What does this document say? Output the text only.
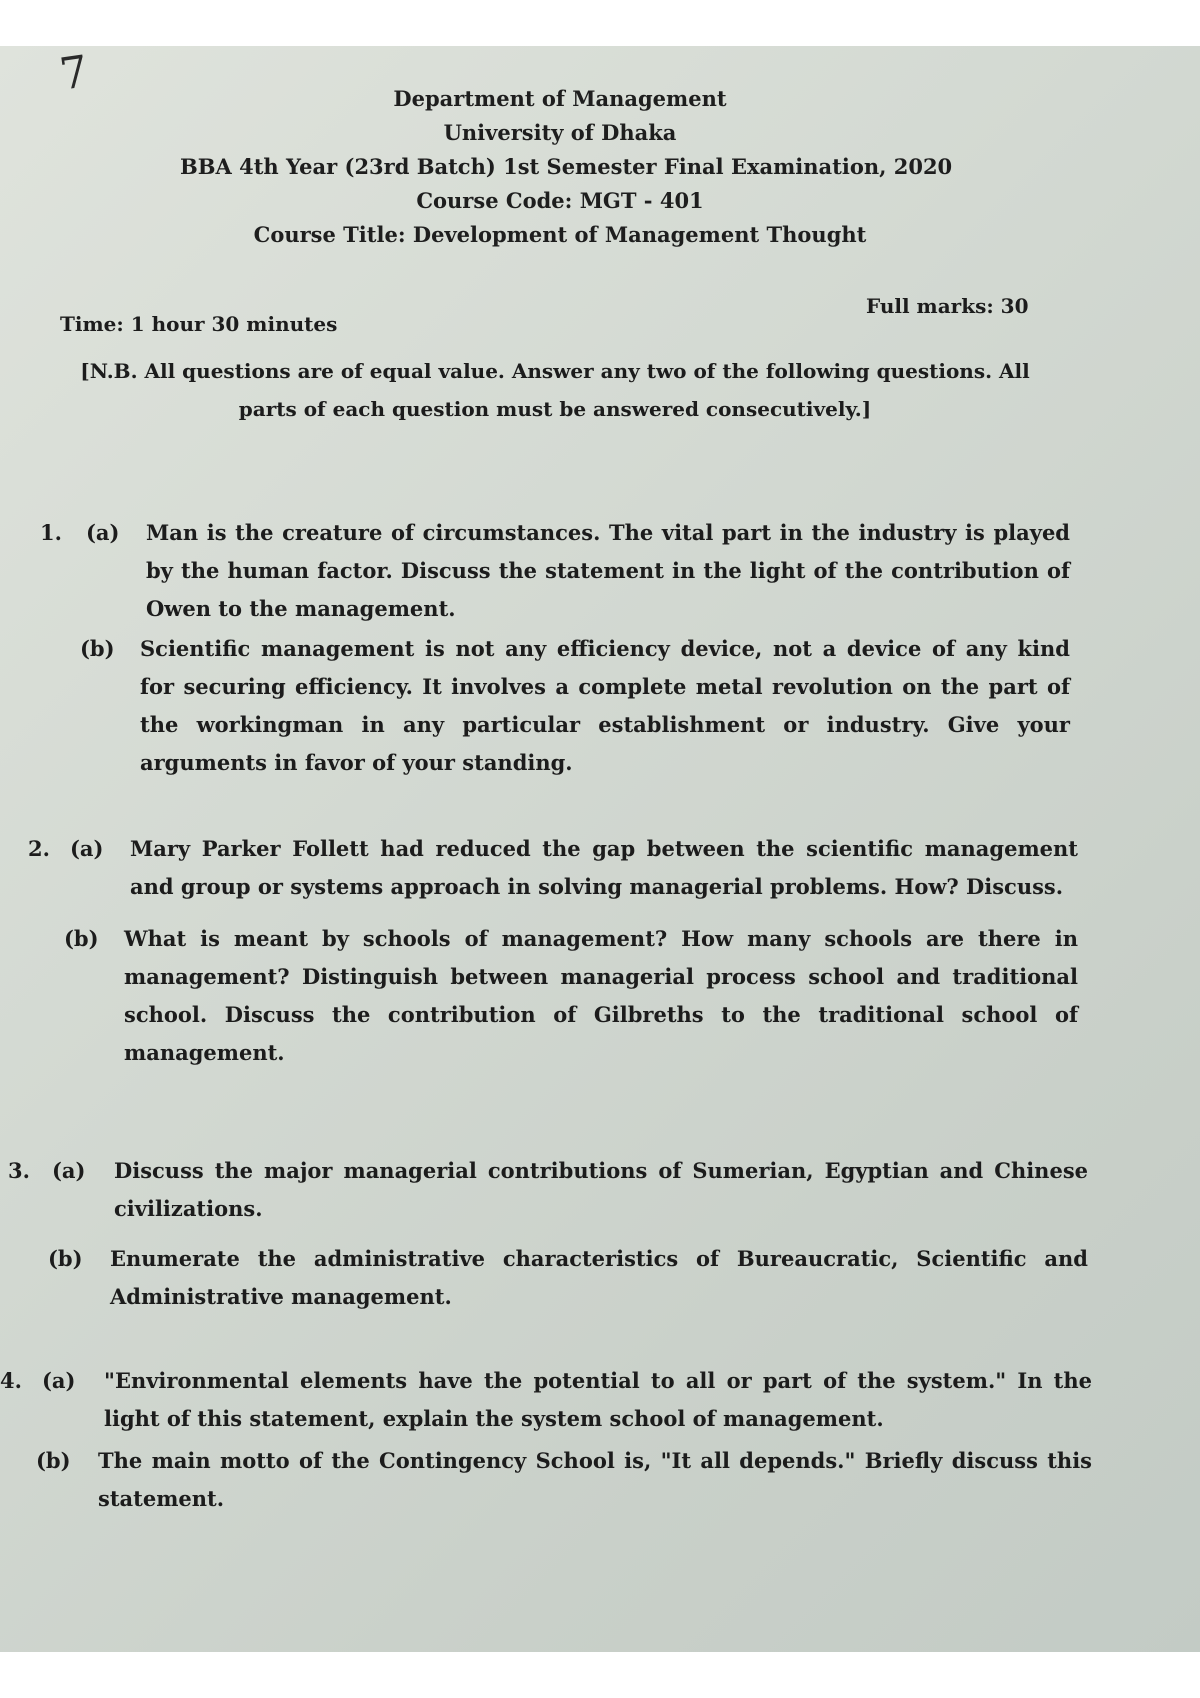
7	Department of Management
University of Dhaka
BBA 4th Year (23rd Batch) 1st Semester Final Examination, 2020
Course Code: MGT - 401
Course Title: Development of Management Thought
Time: 1 hour 30 minutes
Full marks: 30
[N.B. All questions are of equal value. Answer any two of the following questions. All parts of each question must be answered consecutively.]
1. (a) Man is the creature of circumstances. The vital part in the industry is played by the human factor. Discuss the statement in the light of the contribution of Owen to the management.
(b) Scientific management is not any efficiency device, not a device of any kind for securing efficiency. It involves a complete metal revolution on the part of the workingman in any particular establishment or industry. Give your arguments in favor of your standing.
2. (a) Mary Parker Follett had reduced the gap between the scientific management and group or systems approach in solving managerial problems. How? Discuss.
(b) What is meant by schools of management? How many schools are there in management? Distinguish between managerial process school and traditional school. Discuss the contribution of Gilbreths to the traditional school of management.
3. (a) Discuss the major managerial contributions of Sumerian, Egyptian and Chinese civilizations.
(b) Enumerate the administrative characteristics of Bureaucratic, Scientific and Administrative management.
4. (a) "Environmental elements have the potential to all or part of the system." In the light of this statement, explain the system school of management.
(b) The main motto of the Contingency School is, "It all depends." Briefly discuss this statement.
